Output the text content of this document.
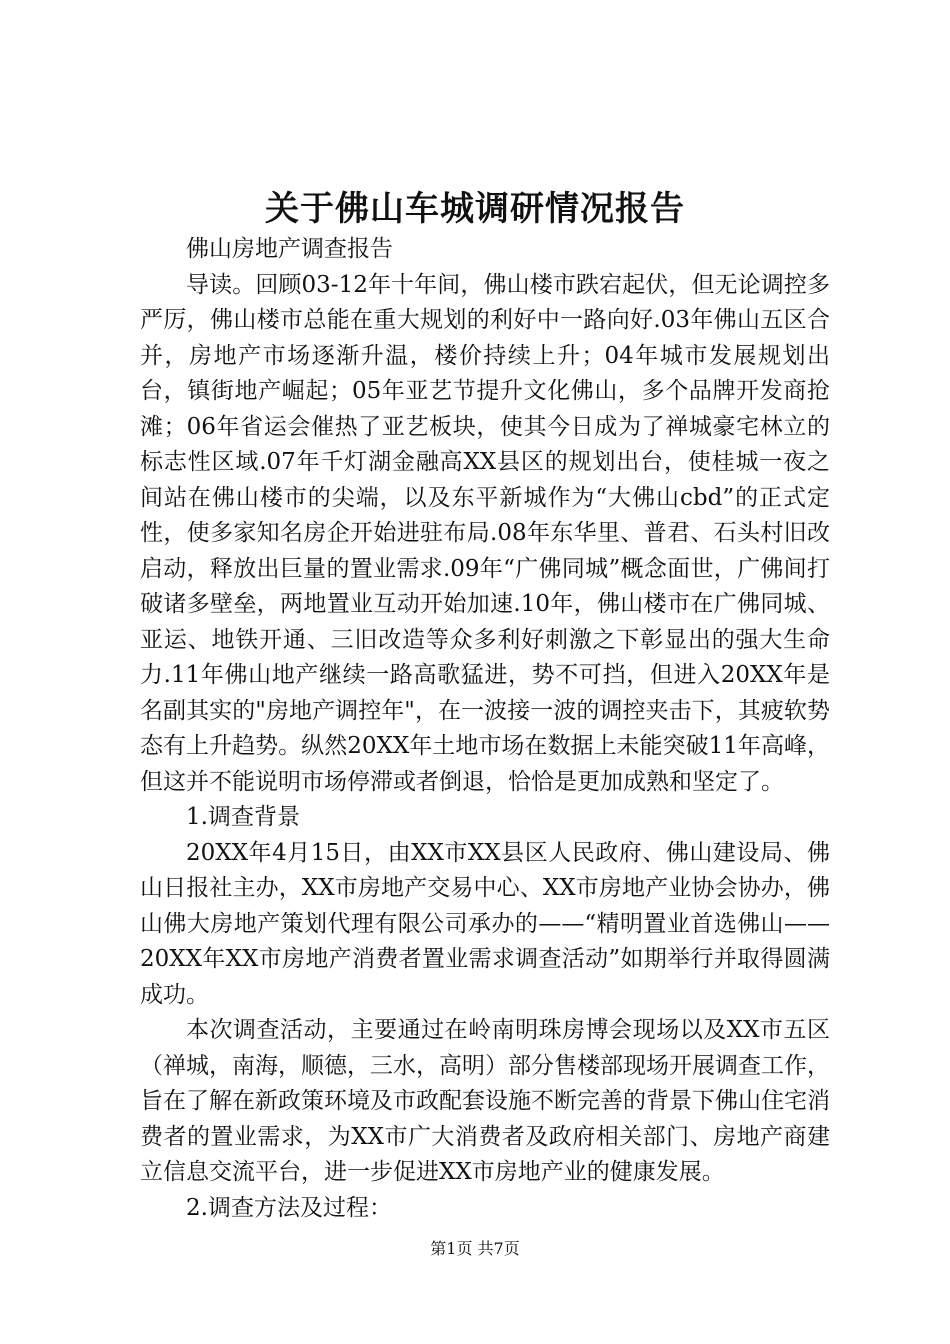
关于佛山车城调研情况报告

佛山房地产调查报告

导读。回顾03-12年十年间，佛山楼市跌宕起伏，但无论调控多严厉，佛山楼市总能在重大规划的利好中一路向好.03年佛山五区合并，房地产市场逐渐升温，楼价持续上升；04年城市发展规划出台，镇街地产崛起；05年亚艺节提升文化佛山，多个品牌开发商抢滩；06年省运会催热了亚艺板块，使其今日成为了禅城豪宅林立的标志性区域.07年千灯湖金融高XX县区的规划出台，使桂城一夜之间站在佛山楼市的尖端，以及东平新城作为“大佛山cbd”的正式定性，使多家知名房企开始进驻布局.08年东华里、普君、石头村旧改启动，释放出巨量的置业需求.09年“广佛同城”概念面世，广佛间打破诸多壁垒，两地置业互动开始加速.10年，佛山楼市在广佛同城、亚运、地铁开通、三旧改造等众多利好刺激之下彰显出的强大生命力.11年佛山地产继续一路高歌猛进，势不可挡，但进入20XX年是名副其实的"房地产调控年"，在一波接一波的调控夹击下，其疲软势态有上升趋势。纵然20XX年土地市场在数据上未能突破11年高峰，但这并不能说明市场停滞或者倒退，恰恰是更加成熟和坚定了。

1.调查背景

20XX年4月15日，由XX市XX县区人民政府、佛山建设局、佛山日报社主办，XX市房地产交易中心、XX市房地产业协会协办，佛山佛大房地产策划代理有限公司承办的——“精明置业首选佛山——20XX年XX市房地产消费者置业需求调查活动”如期举行并取得圆满成功。

本次调查活动，主要通过在岭南明珠房博会现场以及XX市五区（禅城，南海，顺德，三水，高明）部分售楼部现场开展调查工作，旨在了解在新政策环境及市政配套设施不断完善的背景下佛山住宅消费者的置业需求，为XX市广大消费者及政府相关部门、房地产商建立信息交流平台，进一步促进XX市房地产业的健康发展。

2.调查方法及过程：

第1页 共7页
